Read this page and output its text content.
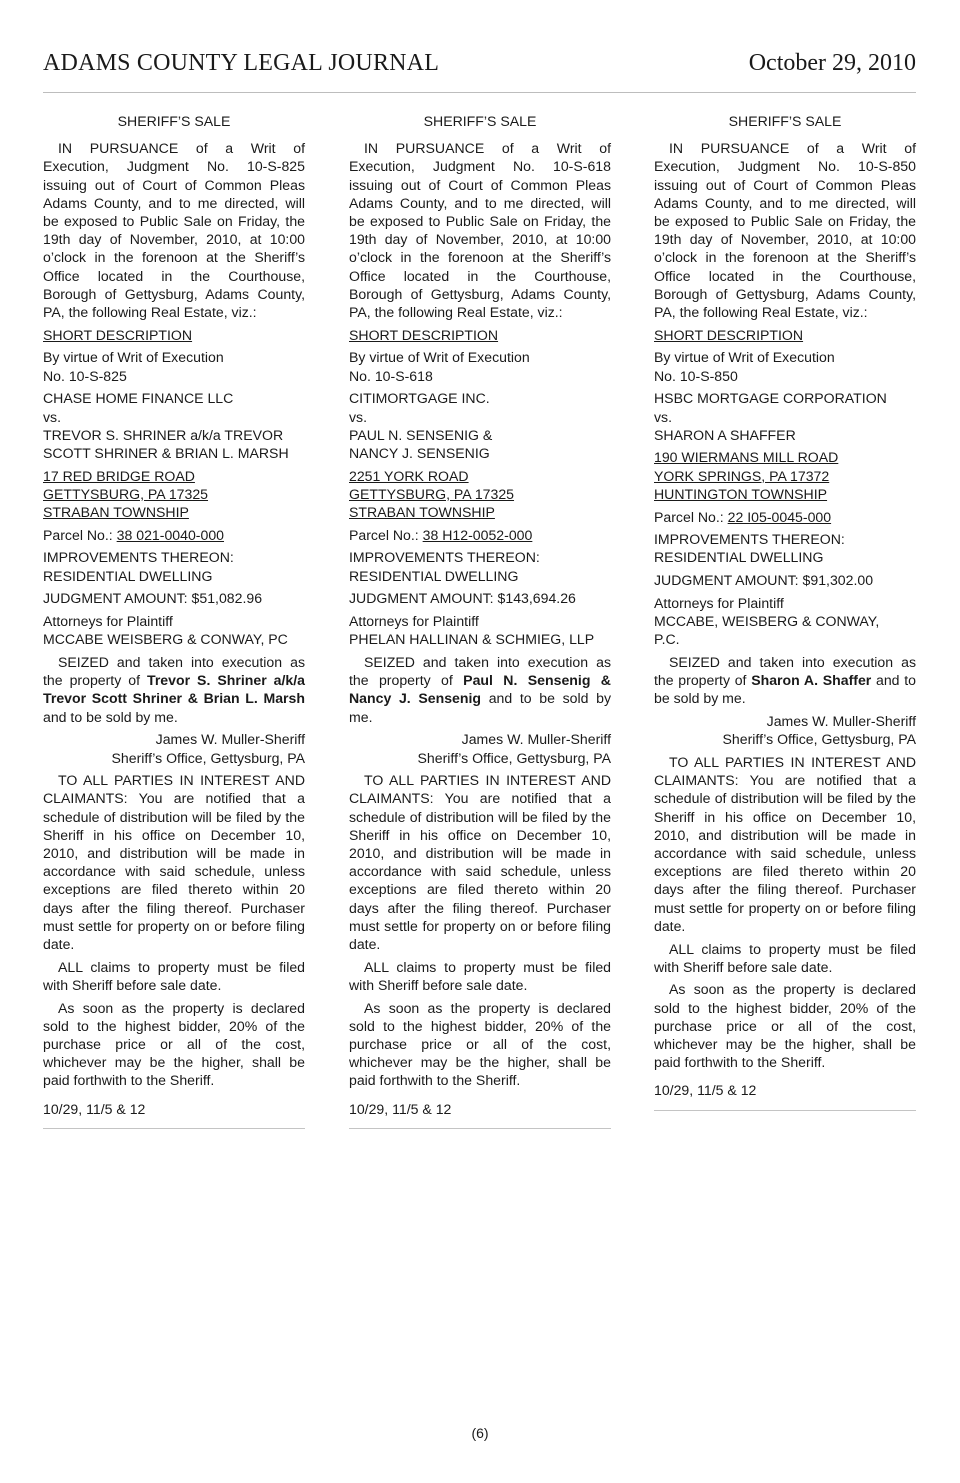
ADAMS COUNTY LEGAL JOURNAL	October 29, 2010

SHERIFF’S SALE

IN PURSUANCE of a Writ of Execution, Judgment No. 10-S-825 issuing out of Court of Common Pleas Adams County, and to me directed, will be exposed to Public Sale on Friday, the 19th day of November, 2010, at 10:00 o’clock in the forenoon at the Sheriff’s Office located in the Courthouse, Borough of Gettysburg, Adams County, PA, the following Real Estate, viz.:

SHORT DESCRIPTION

By virtue of Writ of Execution
No. 10-S-825

CHASE HOME FINANCE LLC
vs.
TREVOR S. SHRINER a/k/a TREVOR
SCOTT SHRINER & BRIAN L. MARSH

17 RED BRIDGE ROAD
GETTYSBURG, PA 17325
STRABAN TOWNSHIP

Parcel No.: 38 021-0040-000

IMPROVEMENTS THEREON:
RESIDENTIAL DWELLING

JUDGMENT AMOUNT: $51,082.96

Attorneys for Plaintiff
MCCABE WEISBERG & CONWAY, PC

SEIZED and taken into execution as the property of Trevor S. Shriner a/k/a Trevor Scott Shriner & Brian L. Marsh and to be sold by me.

James W. Muller-Sheriff
Sheriff’s Office, Gettysburg, PA

TO ALL PARTIES IN INTEREST AND CLAIMANTS: You are notified that a schedule of distribution will be filed by the Sheriff in his office on December 10, 2010, and distribution will be made in accordance with said schedule, unless exceptions are filed thereto within 20 days after the filing thereof. Purchaser must settle for property on or before filing date.

ALL claims to property must be filed with Sheriff before sale date.

As soon as the property is declared sold to the highest bidder, 20% of the purchase price or all of the cost, whichever may be the higher, shall be paid forthwith to the Sheriff.

10/29, 11/5 & 12

SHERIFF’S SALE

IN PURSUANCE of a Writ of Execution, Judgment No. 10-S-618 issuing out of Court of Common Pleas Adams County, and to me directed, will be exposed to Public Sale on Friday, the 19th day of November, 2010, at 10:00 o’clock in the forenoon at the Sheriff’s Office located in the Courthouse, Borough of Gettysburg, Adams County, PA, the following Real Estate, viz.:

SHORT DESCRIPTION

By virtue of Writ of Execution
No. 10-S-618

CITIMORTGAGE INC.
vs.
PAUL N. SENSENIG &
NANCY J. SENSENIG

2251 YORK ROAD
GETTYSBURG, PA 17325
STRABAN TOWNSHIP

Parcel No.: 38 H12-0052-000

IMPROVEMENTS THEREON:
RESIDENTIAL DWELLING

JUDGMENT AMOUNT: $143,694.26

Attorneys for Plaintiff
PHELAN HALLINAN & SCHMIEG, LLP

SEIZED and taken into execution as the property of Paul N. Sensenig & Nancy J. Sensenig and to be sold by me.

James W. Muller-Sheriff
Sheriff’s Office, Gettysburg, PA

TO ALL PARTIES IN INTEREST AND CLAIMANTS: You are notified that a schedule of distribution will be filed by the Sheriff in his office on December 10, 2010, and distribution will be made in accordance with said schedule, unless exceptions are filed thereto within 20 days after the filing thereof. Purchaser must settle for property on or before filing date.

ALL claims to property must be filed with Sheriff before sale date.

As soon as the property is declared sold to the highest bidder, 20% of the purchase price or all of the cost, whichever may be the higher, shall be paid forthwith to the Sheriff.

10/29, 11/5 & 12

SHERIFF’S SALE

IN PURSUANCE of a Writ of Execution, Judgment No. 10-S-850 issuing out of Court of Common Pleas Adams County, and to me directed, will be exposed to Public Sale on Friday, the 19th day of November, 2010, at 10:00 o’clock in the forenoon at the Sheriff’s Office located in the Courthouse, Borough of Gettysburg, Adams County, PA, the following Real Estate, viz.:

SHORT DESCRIPTION

By virtue of Writ of Execution
No. 10-S-850

HSBC MORTGAGE CORPORATION
vs.
SHARON A SHAFFER

190 WIERMANS MILL ROAD
YORK SPRINGS, PA 17372
HUNTINGTON TOWNSHIP

Parcel No.: 22 I05-0045-000

IMPROVEMENTS THEREON:
RESIDENTIAL DWELLING

JUDGMENT AMOUNT: $91,302.00

Attorneys for Plaintiff
MCCABE, WEISBERG & CONWAY,
P.C.

SEIZED and taken into execution as the property of Sharon A. Shaffer and to be sold by me.

James W. Muller-Sheriff
Sheriff’s Office, Gettysburg, PA

TO ALL PARTIES IN INTEREST AND CLAIMANTS: You are notified that a schedule of distribution will be filed by the Sheriff in his office on December 10, 2010, and distribution will be made in accordance with said schedule, unless exceptions are filed thereto within 20 days after the filing thereof. Purchaser must settle for property on or before filing date.

ALL claims to property must be filed with Sheriff before sale date.

As soon as the property is declared sold to the highest bidder, 20% of the purchase price or all of the cost, whichever may be the higher, shall be paid forthwith to the Sheriff.

10/29, 11/5 & 12

(6)
